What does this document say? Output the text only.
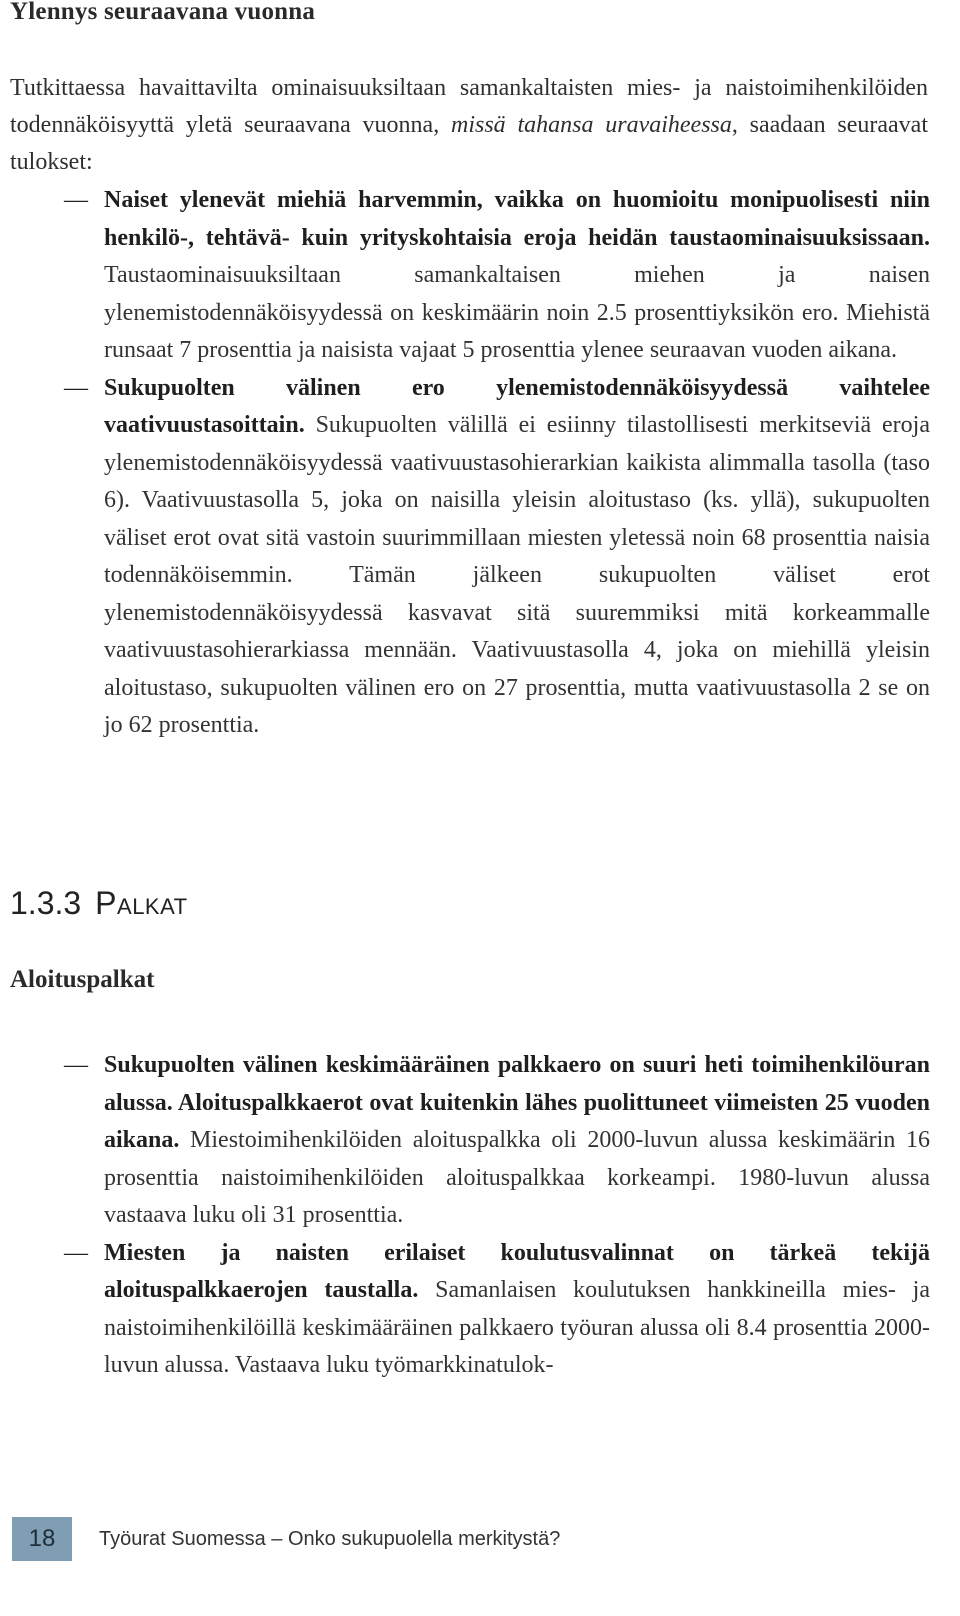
Ylennys seuraavana vuonna

Tutkittaessa havaittavilta ominaisuuksiltaan samankaltaisten mies- ja naistoimihenkilöiden todennäköisyyttä yletä seuraavana vuonna, missä tahansa uravaiheessa, saadaan seuraavat tulokset:

— Naiset ylenevät miehiä harvemmin, vaikka on huomioitu monipuolisesti niin henkilö-, tehtävä- kuin yrityskohtaisia eroja heidän taustaominaisuuksissaan. Taustaominaisuuksiltaan samankaltaisen miehen ja naisen ylenemistodennäköisyydessä on keskimäärin noin 2.5 prosenttiyksikön ero. Miehistä runsaat 7 prosenttia ja naisista vajaat 5 prosenttia ylenee seuraavan vuoden aikana.
— Sukupuolten välinen ero ylenemistodennäköisyydessä vaihtelee vaativuustasoittain. Sukupuolten välillä ei esiinny tilastollisesti merkitseviä eroja ylenemistodennäköisyydessä vaativuustasohierarkian kaikista alimmalla tasolla (taso 6). Vaativuustasolla 5, joka on naisilla yleisin aloitustaso (ks. yllä), sukupuolten väliset erot ovat sitä vastoin suurimmillaan miesten yletessä noin 68 prosenttia naisia todennäköisemmin. Tämän jälkeen sukupuolten väliset erot ylenemistodennäköisyydessä kasvavat sitä suuremmiksi mitä korkeammalle vaativuustasohierarkiassa mennään. Vaativuustasolla 4, joka on miehillä yleisin aloitustaso, sukupuolten välinen ero on 27 prosenttia, mutta vaativuustasolla 2 se on jo 62 prosenttia.
1.3.3 Palkat
Aloituspalkat
— Sukupuolten välinen keskimääräinen palkkaero on suuri heti toimihenkilöuran alussa. Aloituspalkkaerot ovat kuitenkin lähes puolittuneet viimeisten 25 vuoden aikana. Miestoimihenkilöiden aloituspalkka oli 2000-luvun alussa keskimäärin 16 prosenttia naistoimihenkilöiden aloituspalkkaa korkeampi. 1980-luvun alussa vastaava luku oli 31 prosenttia.
— Miesten ja naisten erilaiset koulutusvalinnat on tärkeä tekijä aloituspalkkaerojen taustalla. Samanlaisen koulutuksen hankkineilla mies- ja naistoimihenkilöillä keskimääräinen palkkaero työuran alussa oli 8.4 prosenttia 2000-luvun alussa. Vastaava luku työmarkkinatulok-
18	Työurat Suomessa – Onko sukupuolella merkitystä?
